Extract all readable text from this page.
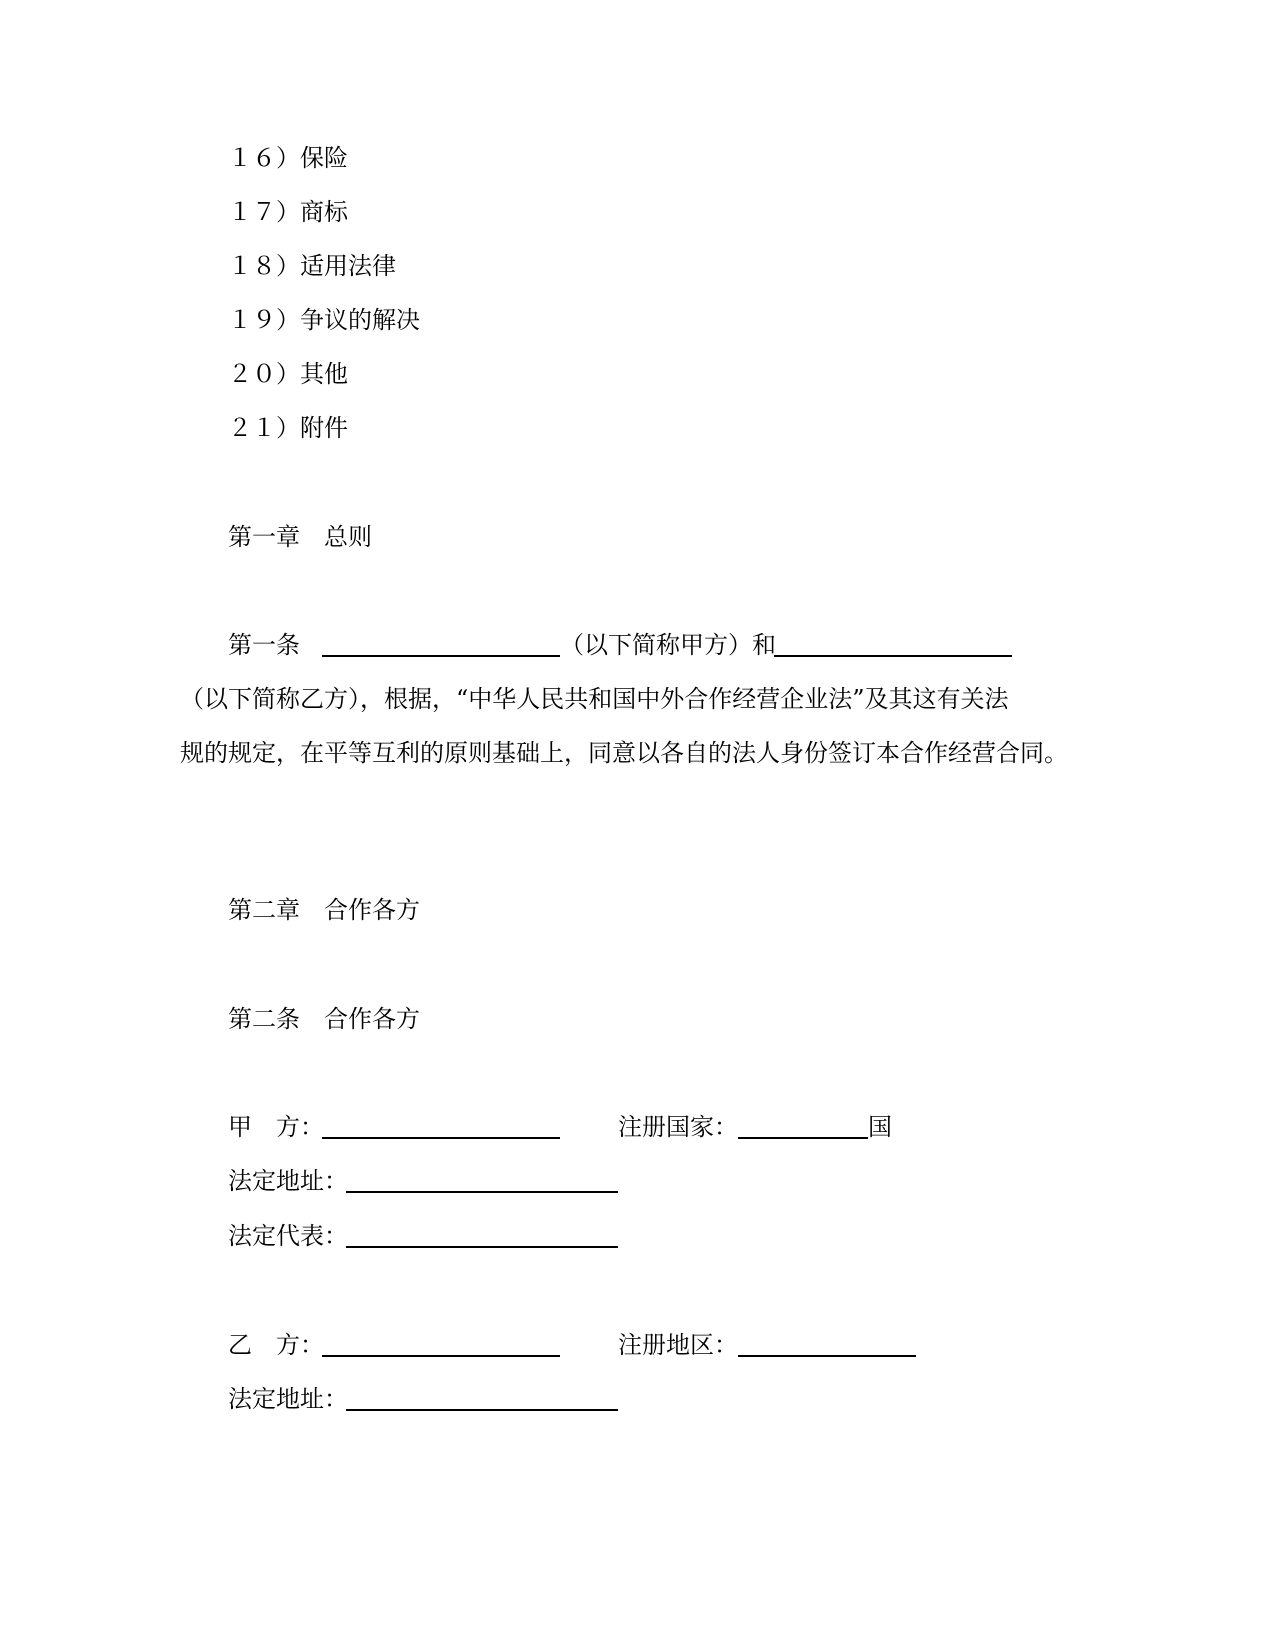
１６）保险
１７）商标
１８）适用法律
１９）争议的解决
２０）其他
２１）附件
第一章　总则
第一条	（以下简称甲方）和
（以下简称乙方），根据，“中华人民共和国中外合作经营企业法”及其这有关法
规的规定，在平等互利的原则基础上，同意以各自的法人身份签订本合作经营合同。
第二章　合作各方
第二条　合作各方
甲　方：	注册国家：	国
法定地址：
法定代表：
乙　方：	注册地区：
法定地址：
